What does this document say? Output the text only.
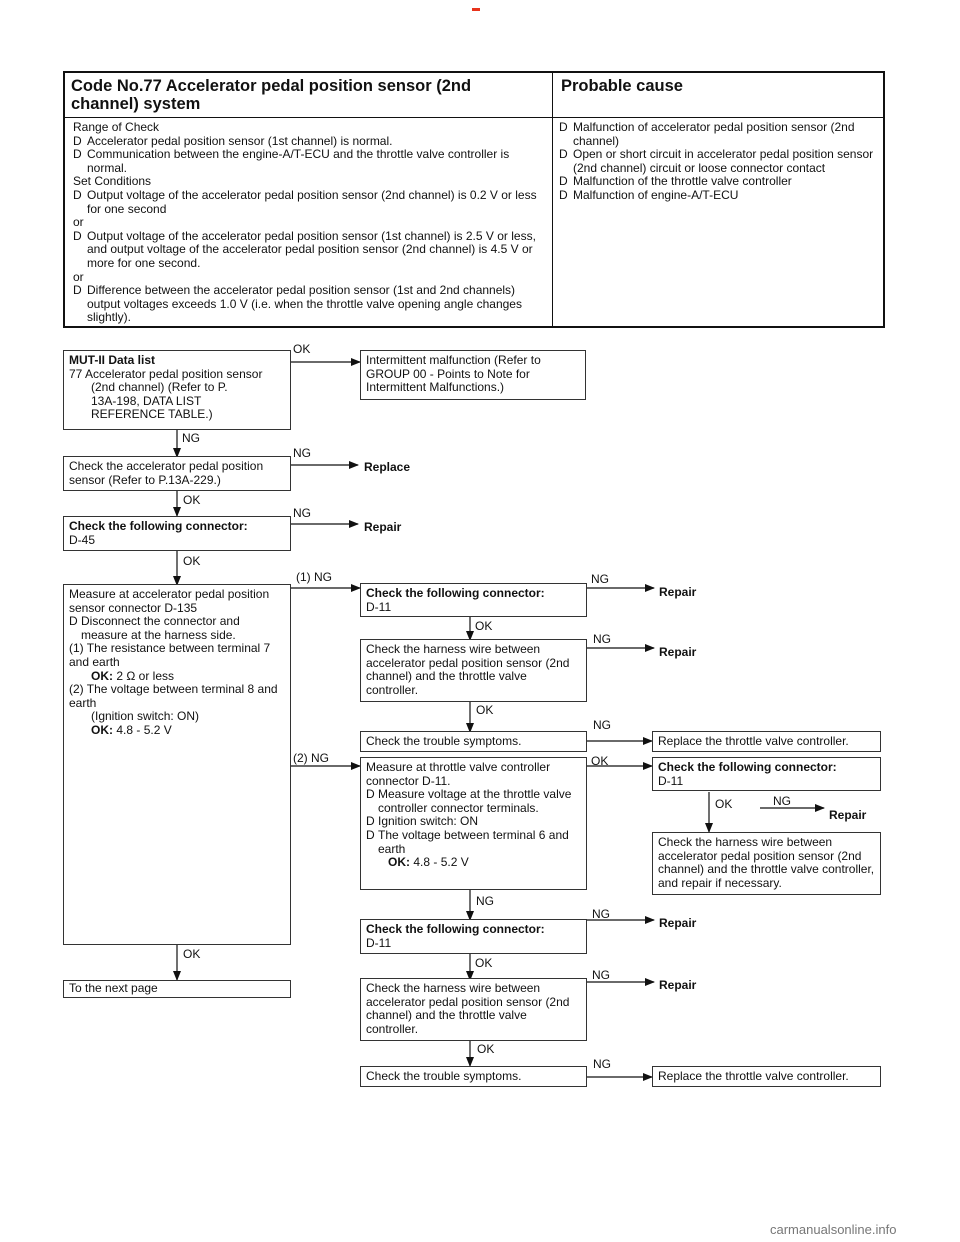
Code No.77 Accelerator pedal position sensor (2nd channel) system
Probable cause
Range of Check
D Accelerator pedal position sensor (1st channel) is normal.
D Communication between the engine-A/T-ECU and the throttle valve controller is normal.
Set Conditions
D Output voltage of the accelerator pedal position sensor (2nd channel) is 0.2 V or less for one second
or
D Output voltage of the accelerator pedal position sensor (1st channel) is 2.5 V or less, and output voltage of the accelerator pedal position sensor (2nd channel) is 4.5 V or more for one second.
or
D Difference between the accelerator pedal position sensor (1st and 2nd channels) output voltages exceeds 1.0 V (i.e. when the throttle valve opening angle changes slightly).
D Malfunction of accelerator pedal position sensor (2nd channel)
D Open or short circuit in accelerator pedal position sensor (2nd channel) circuit or loose connector contact
D Malfunction of the throttle valve controller
D Malfunction of engine-A/T-ECU
MUT-II Data list
77 Accelerator pedal position sensor
(2nd channel) (Refer to P.
13A-198, DATA LIST
REFERENCE TABLE.)
Check the accelerator pedal position sensor (Refer to P.13A-229.)
Check the following connector:
D-45
Measure at accelerator pedal position sensor connector D-135
D Disconnect the connector and measure at the harness side.
(1) The resistance between terminal 7 and earth
OK: 2 Ω or less
(2) The voltage between terminal 8 and earth
(Ignition switch: ON)
OK: 4.8 - 5.2 V
To the next page
Intermittent malfunction (Refer to GROUP 00 - Points to Note for Intermittent Malfunctions.)
Check the following connector:
D-11
Check the harness wire between accelerator pedal position sensor (2nd channel) and the throttle valve controller.
Check the trouble symptoms.
Measure at throttle valve controller connector D-11.
D Measure voltage at the throttle valve controller connector terminals.
D Ignition switch: ON
D The voltage between terminal 6 and earth
OK: 4.8 - 5.2 V
Check the following connector:
D-11
Check the harness wire between accelerator pedal position sensor (2nd channel) and the throttle valve controller.
Check the trouble symptoms.
Replace the throttle valve controller.
Check the following connector:
D-11
Check the harness wire between accelerator pedal position sensor (2nd channel) and the throttle valve controller, and repair if necessary.
Replace the throttle valve controller.
OK
NG
NG
OK
NG
OK
(1) NG
(2) NG
OK
NG
OK
NG
OK
NG
OK
OK	NG
NG
NG
OK
NG
OK
NG
Replace
Repair
Repair
Repair
Repair
Repair
Repair
carmanualsonline.info
